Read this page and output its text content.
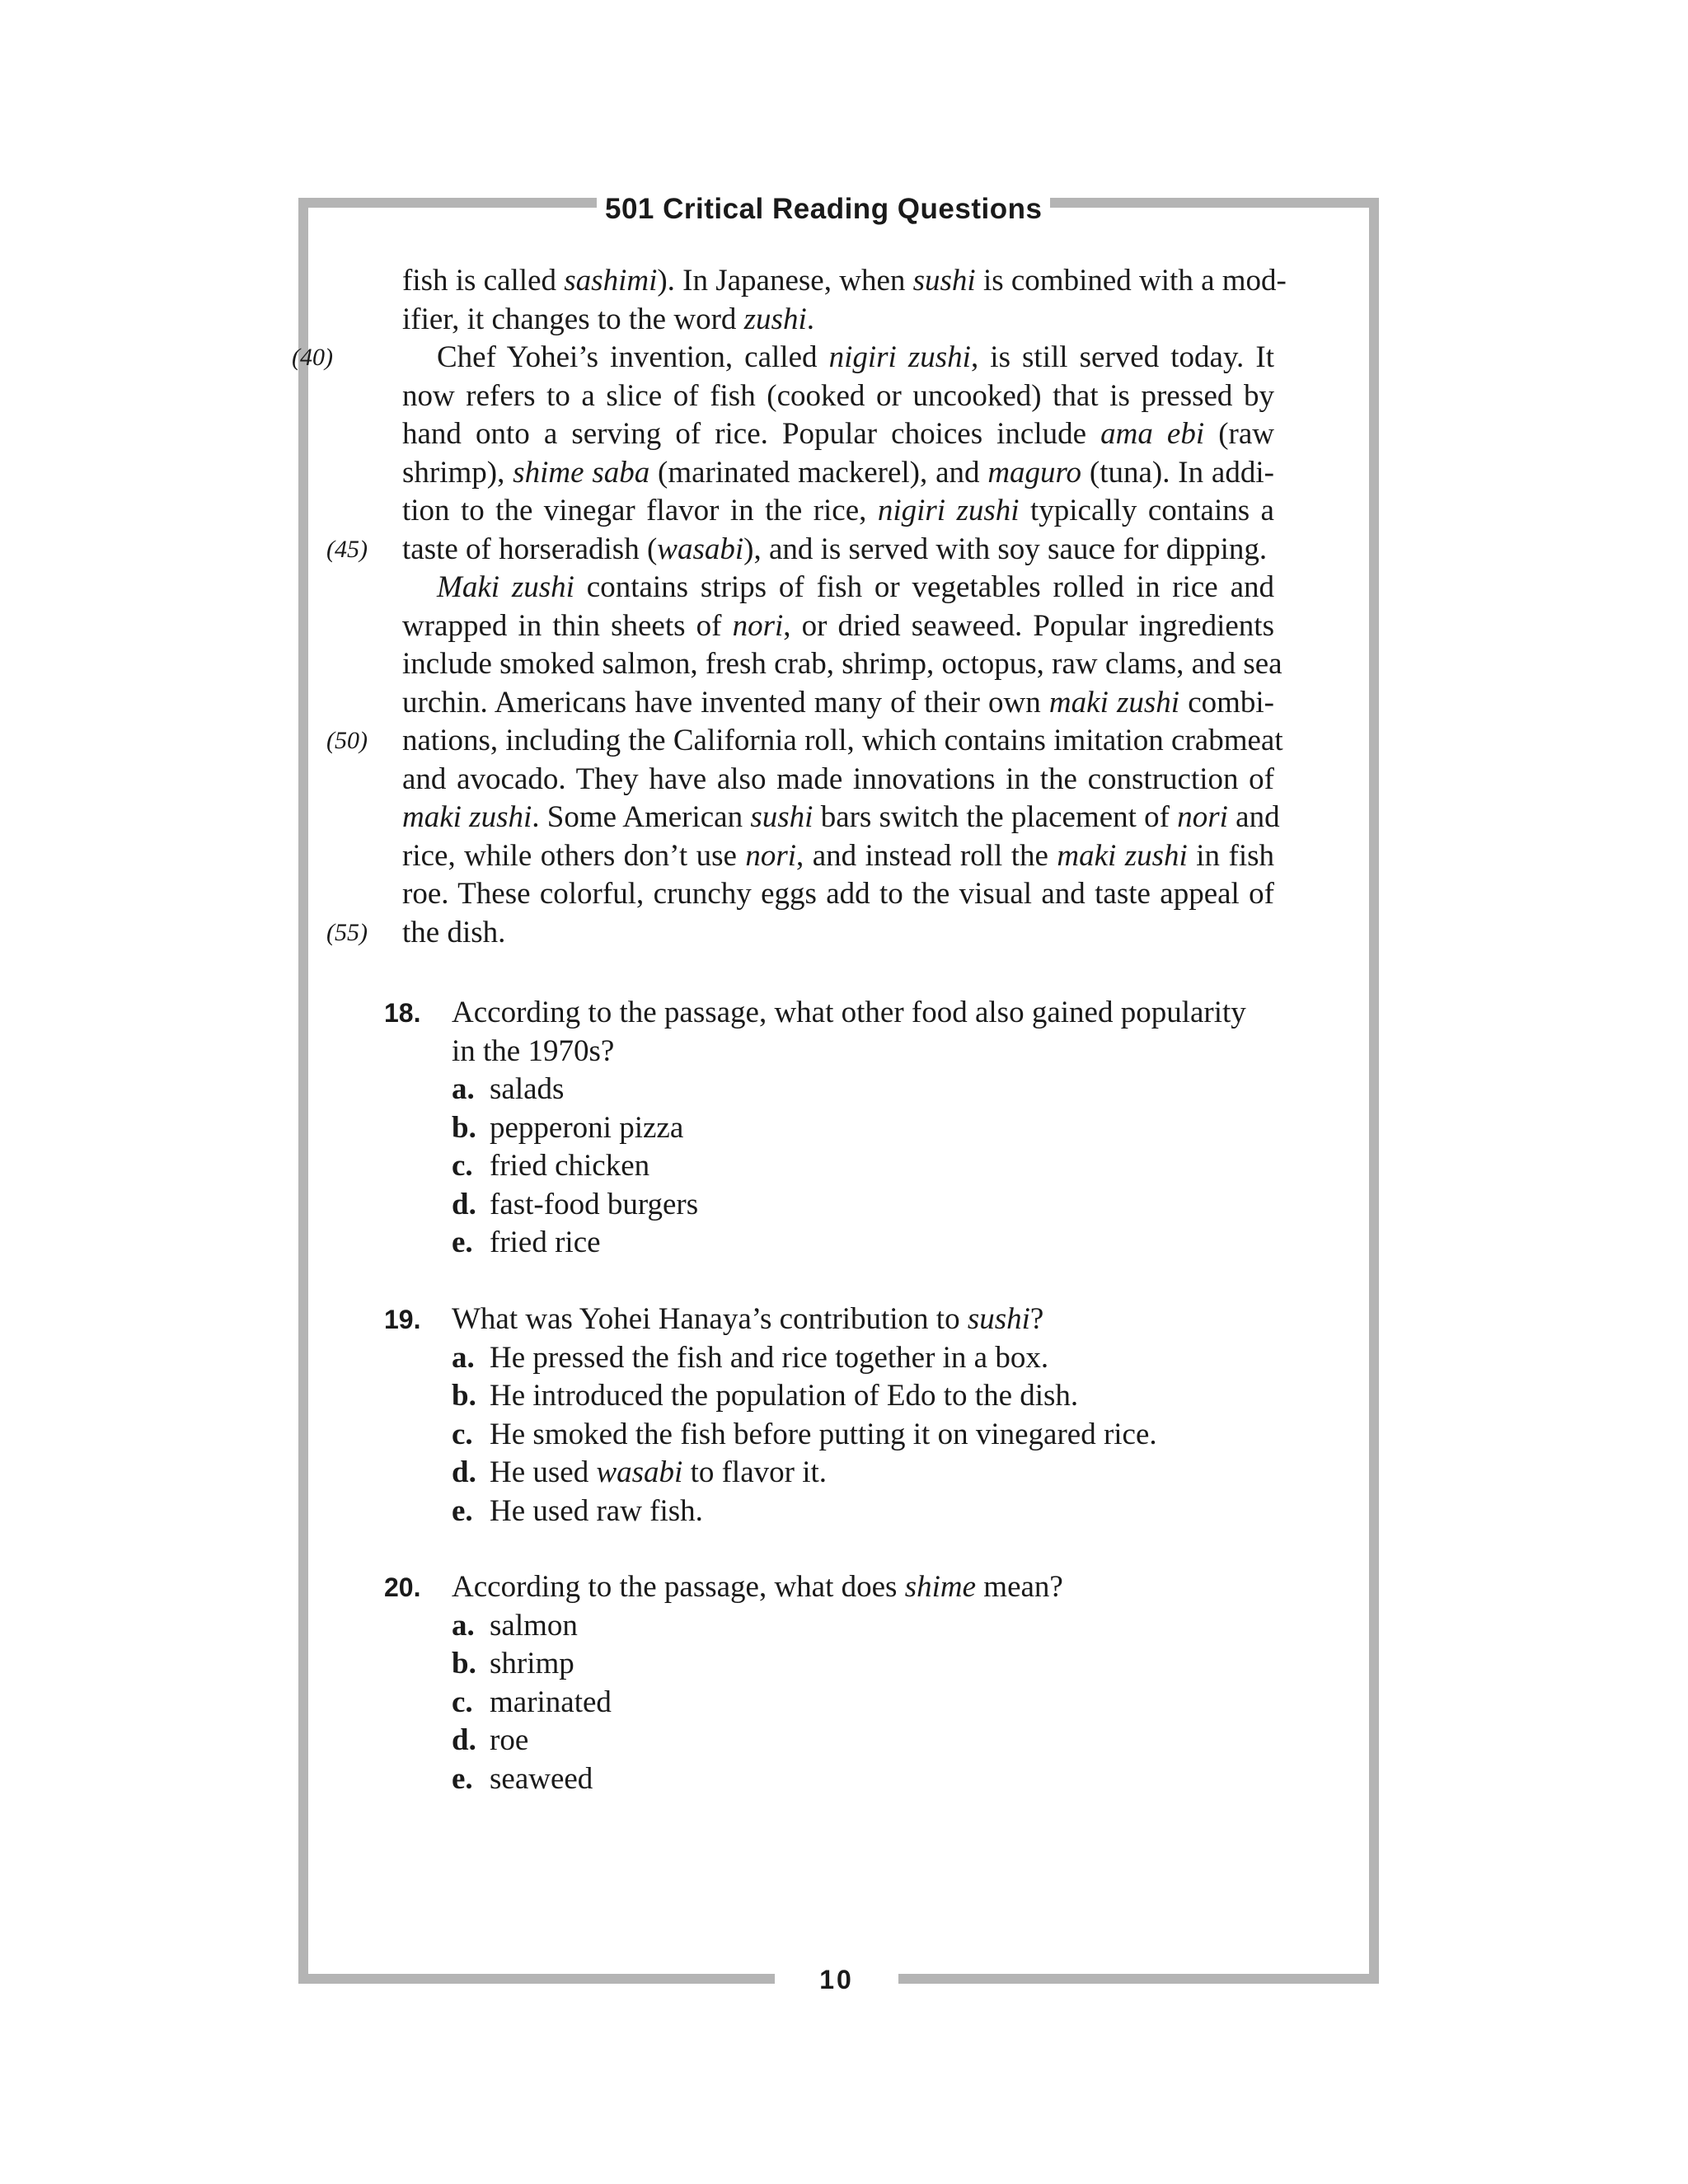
501 Critical Reading Questions
10
fish is called sashimi). In Japanese, when sushi is combined with a mod-
ifier, it changes to the word zushi.
(40)	Chef Yohei’s invention, called nigiri zushi, is still served today. It
now refers to a slice of fish (cooked or uncooked) that is pressed by
hand onto a serving of rice. Popular choices include ama ebi (raw
shrimp), shime saba (marinated mackerel), and maguro (tuna). In addi-
tion to the vinegar flavor in the rice, nigiri zushi typically contains a
(45) taste of horseradish (wasabi), and is served with soy sauce for dipping.
Maki zushi contains strips of fish or vegetables rolled in rice and
wrapped in thin sheets of nori, or dried seaweed. Popular ingredients
include smoked salmon, fresh crab, shrimp, octopus, raw clams, and sea
urchin. Americans have invented many of their own maki zushi combi-
(50) nations, including the California roll, which contains imitation crabmeat
and avocado. They have also made innovations in the construction of
maki zushi. Some American sushi bars switch the placement of nori and
rice, while others don’t use nori, and instead roll the maki zushi in fish
roe. These colorful, crunchy eggs add to the visual and taste appeal of
(55) the dish.
18. According to the passage, what other food also gained popularity
in the 1970s?
a. salads
b. pepperoni pizza
c. fried chicken
d. fast-food burgers
e. fried rice
19. What was Yohei Hanaya’s contribution to sushi?
a. He pressed the fish and rice together in a box.
b. He introduced the population of Edo to the dish.
c. He smoked the fish before putting it on vinegared rice.
d. He used wasabi to flavor it.
e. He used raw fish.
20. According to the passage, what does shime mean?
a. salmon
b. shrimp
c. marinated
d. roe
e. seaweed
